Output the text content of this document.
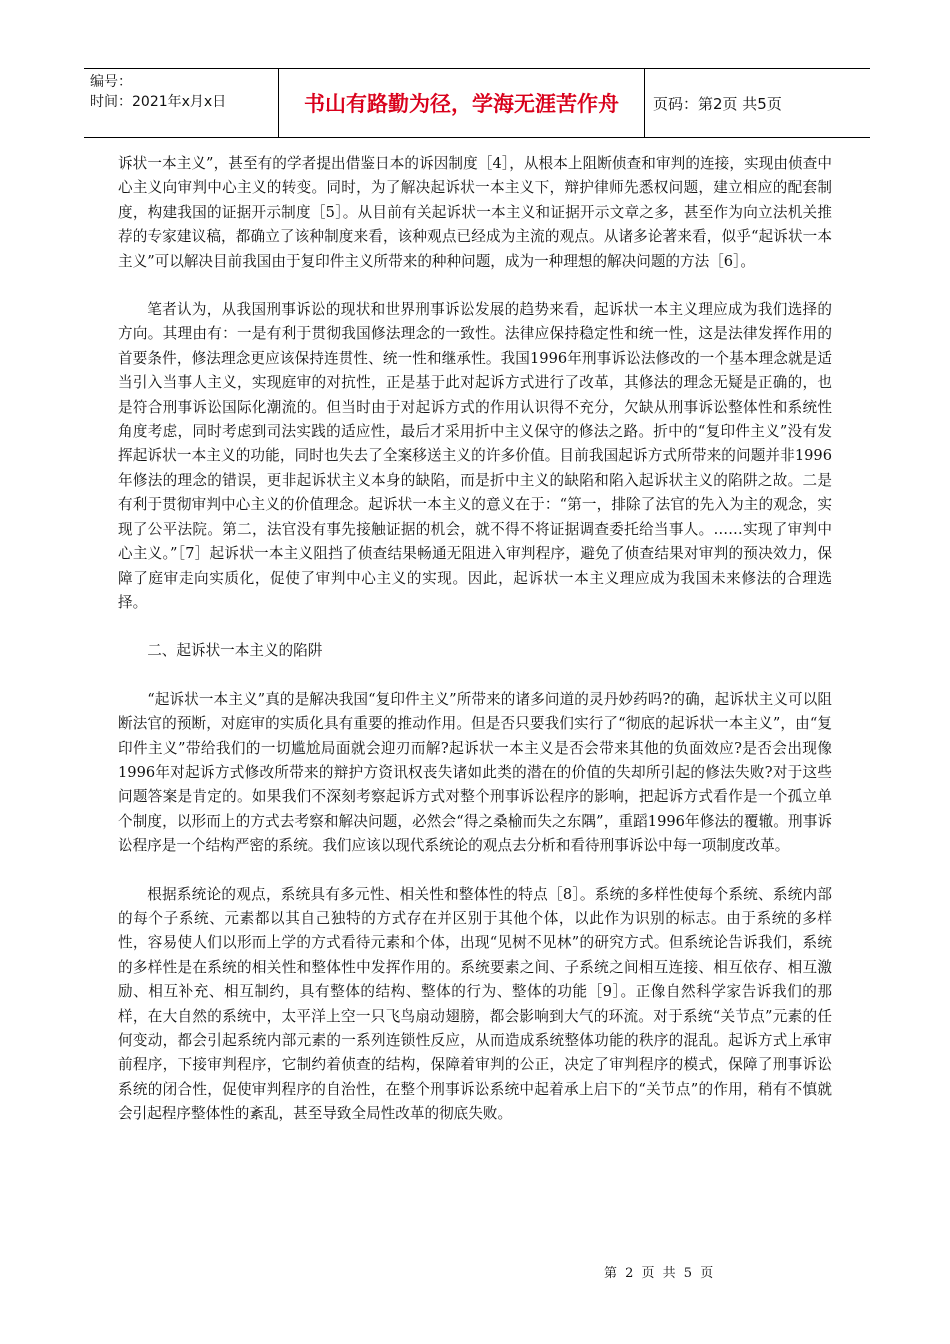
编号：
时间：2021年x月x日	书山有路勤为径，学海无涯苦作舟	页码：第2页 共5页

诉状一本主义”，甚至有的学者提出借鉴日本的诉因制度［4］，从根本上阻断侦查和审判的连接，实现由侦查中心主义向审判中心主义的转变。同时，为了解决起诉状一本主义下，辩护律师先悉权问题，建立相应的配套制度，构建我国的证据开示制度［5］。从目前有关起诉状一本主义和证据开示文章之多，甚至作为向立法机关推荐的专家建议稿，都确立了该种制度来看，该种观点已经成为主流的观点。从诸多论著来看，似乎“起诉状一本主义”可以解决目前我国由于复印件主义所带来的种种问题，成为一种理想的解决问题的方法［6］。

笔者认为，从我国刑事诉讼的现状和世界刑事诉讼发展的趋势来看，起诉状一本主义理应成为我们选择的方向。其理由有：一是有利于贯彻我国修法理念的一致性。法律应保持稳定性和统一性，这是法律发挥作用的首要条件，修法理念更应该保持连贯性、统一性和继承性。我国1996年刑事诉讼法修改的一个基本理念就是适当引入当事人主义，实现庭审的对抗性，正是基于此对起诉方式进行了改革，其修法的理念无疑是正确的，也是符合刑事诉讼国际化潮流的。但当时由于对起诉方式的作用认识得不充分，欠缺从刑事诉讼整体性和系统性角度考虑，同时考虑到司法实践的适应性，最后才采用折中主义保守的修法之路。折中的“复印件主义”没有发挥起诉状一本主义的功能，同时也失去了全案移送主义的许多价值。目前我国起诉方式所带来的问题并非1996年修法的理念的错误，更非起诉状主义本身的缺陷，而是折中主义的缺陷和陷入起诉状主义的陷阱之故。二是有利于贯彻审判中心主义的价值理念。起诉状一本主义的意义在于：“第一，排除了法官的先入为主的观念，实现了公平法院。第二，法官没有事先接触证据的机会，就不得不将证据调查委托给当事人。……实现了审判中心主义。”［7］起诉状一本主义阻挡了侦查结果畅通无阻进入审判程序，避免了侦查结果对审判的预决效力，保障了庭审走向实质化，促使了审判中心主义的实现。因此，起诉状一本主义理应成为我国未来修法的合理选择。

二、起诉状一本主义的陷阱

“起诉状一本主义”真的是解决我国“复印件主义”所带来的诸多问道的灵丹妙药吗?的确，起诉状主义可以阻断法官的预断，对庭审的实质化具有重要的推动作用。但是否只要我们实行了“彻底的起诉状一本主义”，由“复印件主义”带给我们的一切尴尬局面就会迎刃而解?起诉状一本主义是否会带来其他的负面效应?是否会出现像1996年对起诉方式修改所带来的辩护方资讯权丧失诸如此类的潜在的价值的失却所引起的修法失败?对于这些问题答案是肯定的。如果我们不深刻考察起诉方式对整个刑事诉讼程序的影响，把起诉方式看作是一个孤立单个制度，以形而上的方式去考察和解决问题，必然会“得之桑榆而失之东隅”，重蹈1996年修法的覆辙。刑事诉讼程序是一个结构严密的系统。我们应该以现代系统论的观点去分析和看待刑事诉讼中每一项制度改革。

根据系统论的观点，系统具有多元性、相关性和整体性的特点［8］。系统的多样性使每个系统、系统内部的每个子系统、元素都以其自己独特的方式存在并区别于其他个体，以此作为识别的标志。由于系统的多样性，容易使人们以形而上学的方式看待元素和个体，出现“见树不见林”的研究方式。但系统论告诉我们，系统的多样性是在系统的相关性和整体性中发挥作用的。系统要素之间、子系统之间相互连接、相互依存、相互激励、相互补充、相互制约，具有整体的结构、整体的行为、整体的功能［9］。正像自然科学家告诉我们的那样，在大自然的系统中，太平洋上空一只飞鸟扇动翅膀，都会影响到大气的环流。对于系统“关节点”元素的任何变动，都会引起系统内部元素的一系列连锁性反应，从而造成系统整体功能的秩序的混乱。起诉方式上承审前程序，下接审判程序，它制约着侦查的结构，保障着审判的公正，决定了审判程序的模式，保障了刑事诉讼系统的闭合性，促使审判程序的自治性，在整个刑事诉讼系统中起着承上启下的“关节点”的作用，稍有不慎就会引起程序整体性的紊乱，甚至导致全局性改革的彻底失败。

第 2 页 共 5 页
